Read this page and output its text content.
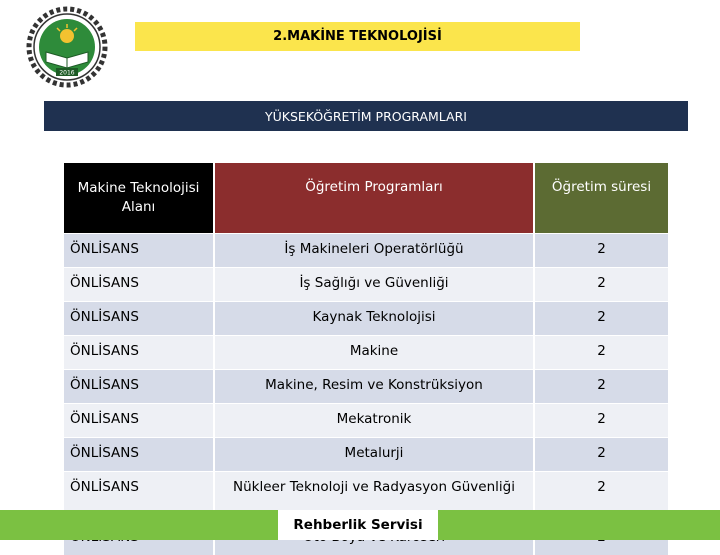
2016
2.MAKİNE TEKNOLOJİSİ
YÜKSEKÖĞRETİM PROGRAMLARI
Makine Teknolojisi Alanı	Öğretim Programları	Öğretim süresi
ÖNLİSANS	İş Makineleri Operatörlüğü	2
ÖNLİSANS	İş Sağlığı ve Güvenliği	2
ÖNLİSANS	Kaynak Teknolojisi	2
ÖNLİSANS	Makine	2
ÖNLİSANS	Makine, Resim ve Konstrüksiyon	2
ÖNLİSANS	Mekatronik	2
ÖNLİSANS	Metalurji	2
ÖNLİSANS	Nükleer Teknoloji ve Radyasyon Güvenliği	2

Rehberlik Servisi
